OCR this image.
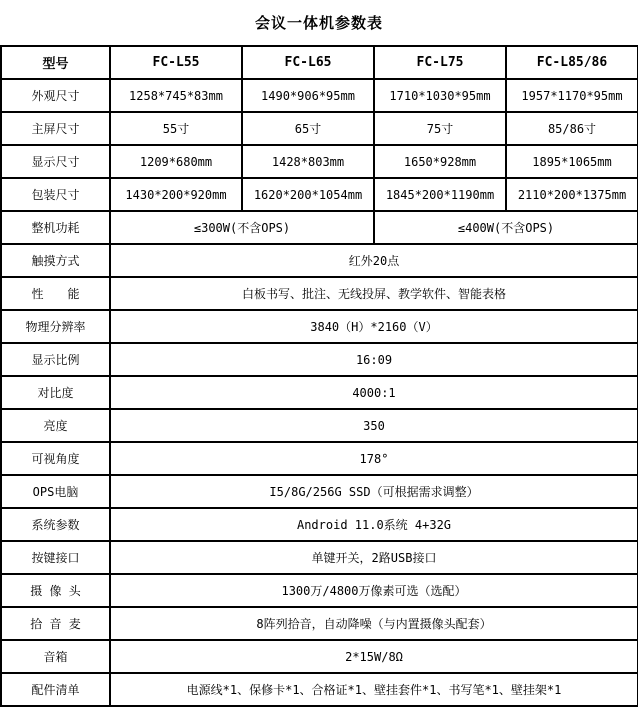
会议一体机参数表
型号	FC-L55	FC-L65	FC-L75	FC-L85/86
外观尺寸	1258*745*83mm	1490*906*95mm	1710*1030*95mm	1957*1170*95mm
主屏尺寸	55寸	65寸	75寸	85/86寸
显示尺寸	1209*680mm	1428*803mm	1650*928mm	1895*1065mm
包装尺寸	1430*200*920mm	1620*200*1054mm	1845*200*1190mm	2110*200*1375mm
整机功耗	≤300W(不含OPS)		≤400W(不含OPS)	
触摸方式	红外20点			
性　　能	白板书写、批注、无线投屏、教学软件、智能表格			
物理分辨率	3840（H）*2160（V）			
显示比例	16:09			
对比度	4000:1			
亮度	350			
可视角度	178°			
OPS电脑	I5/8G/256G SSD（可根据需求调整）			
系统参数	Android 11.0系统 4+32G			
按键接口	单键开关，2路USB接口			
摄 像 头	1300万/4800万像素可选（选配）			
拾 音 麦	8阵列拾音，自动降噪（与内置摄像头配套）			
音箱	2*15W/8Ω			
配件清单	电源线*1、保修卡*1、合格证*1、壁挂套件*1、书写笔*1、壁挂架*1			
